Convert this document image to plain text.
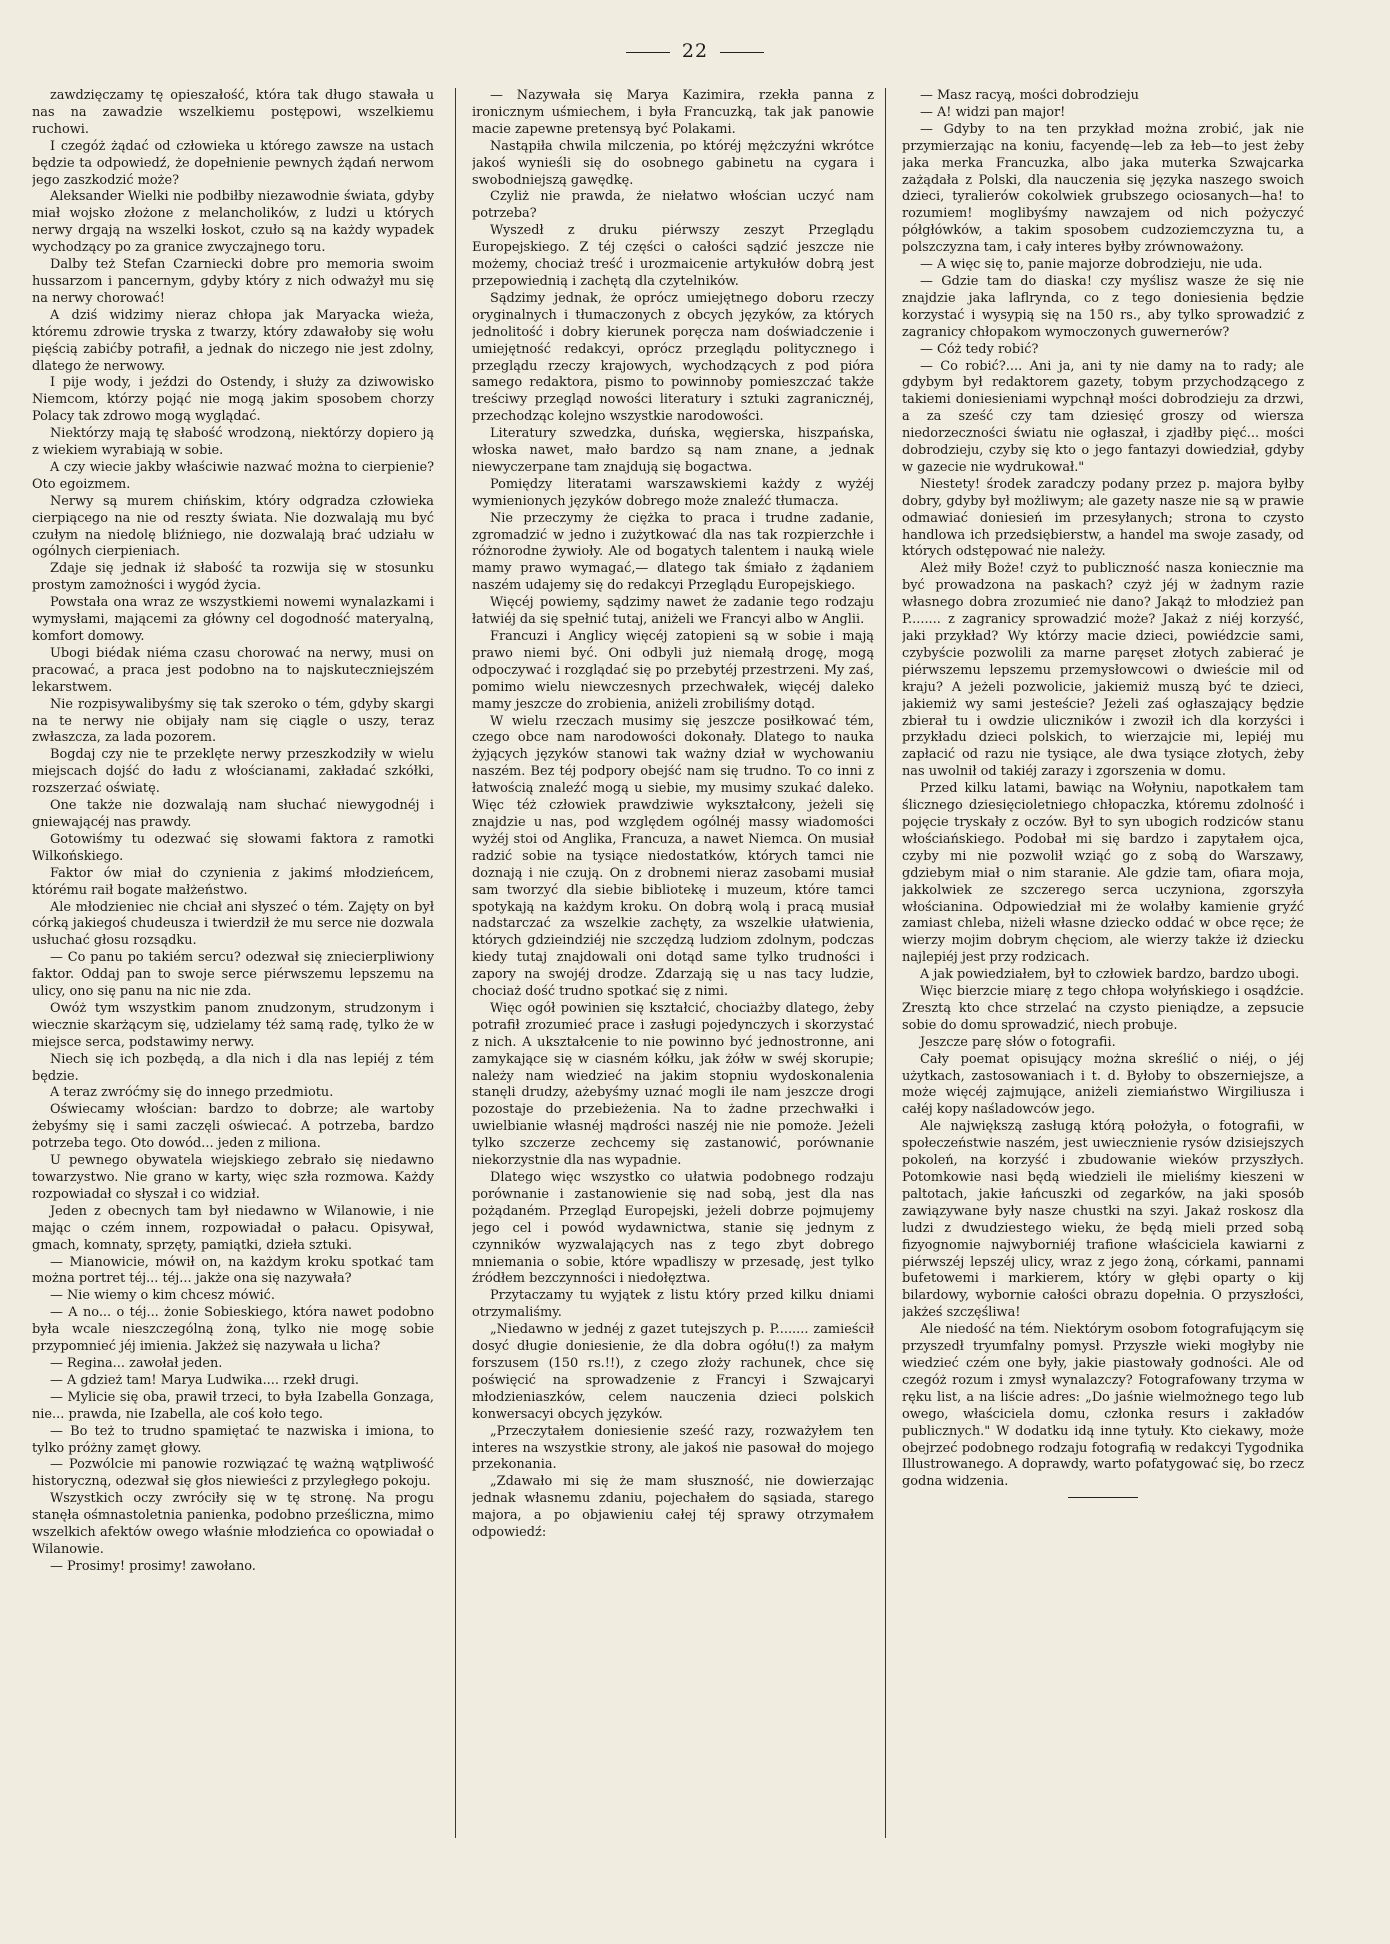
22

zawdzięczamy tę opieszałość, która tak długo stawała u nas na zawadzie wszelkiemu postępowi, wszelkiemu ruchowi.

I czegóż żądać od człowieka u którego zawsze na ustach będzie ta odpowiedź, że dopełnienie pewnych żądań nerwom jego zaszkodzić może?

Aleksander Wielki nie podbiłby niezawodnie świata, gdyby miał wojsko złożone z melancholików, z ludzi u których nerwy drgają na wszelki łoskot, czuło są na każdy wypadek wychodzący po za granice zwyczajnego toru.

Dalby też Stefan Czarniecki dobre pro memoria swoim hussarzom i pancernym, gdyby który z nich odważył mu się na nerwy chorować!

A dziś widzimy nieraz chłopa jak Maryacka wieża, któremu zdrowie tryska z twarzy, który zdawałoby się wołu pięścią zabićby potrafił, a jednak do niczego nie jest zdolny, dlatego że nerwowy.

I pije wody, i jeździ do Ostendy, i służy za dziwowisko Niemcom, którzy pojąć nie mogą jakim sposobem chorzy Polacy tak zdrowo mogą wyglądać.

Niektórzy mają tę słabość wrodzoną, niektórzy dopiero ją z wiekiem wyrabiają w sobie.

A czy wiecie jakby właściwie nazwać można to cierpienie? Oto egoizmem.

Nerwy są murem chińskim, który odgradza człowieka cierpiącego na nie od reszty świata. Nie dozwalają mu być czułym na niedolę bliźniego, nie dozwalają brać udziału w ogólnych cierpieniach.

Zdaje się jednak iż słabość ta rozwija się w stosunku prostym zamożności i wygód życia.

Powstała ona wraz ze wszystkiemi nowemi wynalazkami i wymysłami, mającemi za główny cel dogodność materyalną, komfort domowy.

Ubogi biédak niéma czasu chorować na nerwy, musi on pracować, a praca jest podobno na to najskuteczniejszém lekarstwem.

Nie rozpisywalibyśmy się tak szeroko o tém, gdyby skargi na te nerwy nie obijały nam się ciągle o uszy, teraz zwłaszcza, za lada pozorem.

Bogdaj czy nie te przeklęte nerwy przeszkodziły w wielu miejscach dojść do ładu z włościanami, zakładać szkółki, rozszerzać oświatę.

One także nie dozwalają nam słuchać niewygodnéj i gniewającéj nas prawdy.

Gotowiśmy tu odezwać się słowami faktora z ramotki Wilkońskiego.

Faktor ów miał do czynienia z jakimś młodzieńcem, którému raił bogate małżeństwo.

Ale młodzieniec nie chciał ani słyszeć o tém. Zajęty on był córką jakiegoś chudeusza i twierdził że mu serce nie dozwala usłuchać głosu rozsądku.

— Co panu po takiém sercu? odezwał się zniecierpliwiony faktor. Oddaj pan to swoje serce piérwszemu lepszemu na ulicy, ono się panu na nic nie zda.

Owóż tym wszystkim panom znudzonym, strudzonym i wiecznie skarżącym się, udzielamy téż samą radę, tylko że w miejsce serca, podstawimy nerwy.

Niech się ich pozbędą, a dla nich i dla nas lepiéj z tém będzie.

A teraz zwróćmy się do innego przedmiotu.

Oświecamy włościan: bardzo to dobrze; ale wartoby żebyśmy się i sami zaczęli oświecać. A potrzeba, bardzo potrzeba tego. Oto dowód... jeden z miliona.

U pewnego obywatela wiejskiego zebrało się niedawno towarzystwo. Nie grano w karty, więc szła rozmowa. Każdy rozpowiadał co słyszał i co widział.

Jeden z obecnych tam był niedawno w Wilanowie, i nie mając o czém innem, rozpowiadał o pałacu. Opisywał, gmach, komnaty, sprzęty, pamiątki, dzieła sztuki.

— Mianowicie, mówił on, na każdym kroku spotkać tam można portret téj... téj... jakże ona się nazywała?

— Nie wiemy o kim chcesz mówić.

— A no... o téj... żonie Sobieskiego, która nawet podobno była wcale nieszczególną żoną, tylko nie mogę sobie przypomnieć jéj imienia. Jakżeż się nazywała u licha?

— Regina... zawołał jeden.

— A gdzież tam! Marya Ludwika.... rzekł drugi.

— Mylicie się oba, prawił trzeci, to była Izabella Gonzaga, nie... prawda, nie Izabella, ale coś koło tego.

— Bo też to trudno spamiętać te nazwiska i imiona, to tylko próżny zamęt głowy.

— Pozwólcie mi panowie rozwiązać tę ważną wątpliwość historyczną, odezwał się głos niewieści z przyległego pokoju.

Wszystkich oczy zwróciły się w tę stronę. Na progu stanęła ośmnastoletnia panienka, podobno prześliczna, mimo wszelkich afektów owego właśnie młodzieńca co opowiadał o Wilanowie.

— Prosimy! prosimy! zawołano.

— Nazywała się Marya Kazimira, rzekła panna z ironicznym uśmiechem, i była Francuzką, tak jak panowie macie zapewne pretensyą być Polakami.

Nastąpiła chwila milczenia, po któréj mężczyźni wkrótce jakoś wynieśli się do osobnego gabinetu na cygara i swobodniejszą gawędkę.

Czyliż nie prawda, że niełatwo włościan uczyć nam potrzeba?

Wyszedł z druku piérwszy zeszyt Przeglądu Europejskiego. Z téj części o całości sądzić jeszcze nie możemy, chociaż treść i urozmaicenie artykułów dobrą jest przepowiednią i zachętą dla czytelników.

Sądzimy jednak, że oprócz umiejętnego doboru rzeczy oryginalnych i tłumaczonych z obcych języków, za których jednolitość i dobry kierunek poręcza nam doświadczenie i umiejętność redakcyi, oprócz przeglądu politycznego i przeglądu rzeczy krajowych, wychodzących z pod pióra samego redaktora, pismo to powinnoby pomieszczać także treściwy przegląd nowości literatury i sztuki zagranicznéj, przechodząc kolejno wszystkie narodowości.

Literatury szwedzka, duńska, węgierska, hiszpańska, włoska nawet, mało bardzo są nam znane, a jednak niewyczerpane tam znajdują się bogactwa.

Pomiędzy literatami warszawskiemi każdy z wyżéj wymienionych języków dobrego może znaleźć tłumacza.

Nie przeczymy że ciężka to praca i trudne zadanie, zgromadzić w jedno i zużytkować dla nas tak rozpierzchłe i różnorodne żywioły. Ale od bogatych talentem i nauką wiele mamy prawo wymagać,— dlatego tak śmiało z żądaniem naszém udajemy się do redakcyi Przeglądu Europejskiego.

Więcéj powiemy, sądzimy nawet że zadanie tego rodzaju łatwiéj da się spełnić tutaj, aniżeli we Francyi albo w Anglii.

Francuzi i Anglicy więcéj zatopieni są w sobie i mają prawo niemi być. Oni odbyli już niemałą drogę, mogą odpoczywać i rozglądać się po przebytéj przestrzeni. My zaś, pomimo wielu niewczesnych przechwałek, więcéj daleko mamy jeszcze do zrobienia, aniżeli zrobiliśmy dotąd.

W wielu rzeczach musimy się jeszcze posiłkować tém, czego obce nam narodowości dokonały. Dlatego to nauka żyjących języków stanowi tak ważny dział w wychowaniu naszém. Bez téj podpory obejść nam się trudno. To co inni z łatwością znaleźć mogą u siebie, my musimy szukać daleko. Więc téż człowiek prawdziwie wykształcony, jeżeli się znajdzie u nas, pod względem ogólnéj massy wiadomości wyżéj stoi od Anglika, Francuza, a nawet Niemca. On musiał radzić sobie na tysiące niedostatków, których tamci nie doznają i nie czują. On z drobnemi nieraz zasobami musiał sam tworzyć dla siebie bibliotekę i muzeum, które tamci spotykają na każdym kroku. On dobrą wolą i pracą musiał nadstarczać za wszelkie zachęty, za wszelkie ułatwienia, których gdzieindziéj nie szczędzą ludziom zdolnym, podczas kiedy tutaj znajdowali oni dotąd same tylko trudności i zapory na swojéj drodze. Zdarzają się u nas tacy ludzie, chociaż dość trudno spotkać się z nimi.

Więc ogół powinien się kształcić, chociażby dlatego, żeby potrafił zrozumieć prace i zasługi pojedynczych i skorzystać z nich. A ukształcenie to nie powinno być jednostronne, ani zamykające się w ciasném kółku, jak żółw w swéj skorupie; należy nam wiedzieć na jakim stopniu wydoskonalenia stanęli drudzy, ażebyśmy uznać mogli ile nam jeszcze drogi pozostaje do przebieżenia. Na to żadne przechwałki i uwielbianie własnéj mądrości naszéj nie nie pomoże. Jeżeli tylko szczerze zechcemy się zastanowić, porównanie niekorzystnie dla nas wypadnie.

Dlatego więc wszystko co ułatwia podobnego rodzaju porównanie i zastanowienie się nad sobą, jest dla nas pożądaném. Przegląd Europejski, jeżeli dobrze pojmujemy jego cel i powód wydawnictwa, stanie się jednym z czynników wyzwalających nas z tego zbyt dobrego mniemania o sobie, które wpadliszy w przesadę, jest tylko źródłem bezczynności i niedołęztwa.

Przytaczamy tu wyjątek z listu który przed kilku dniami otrzymaliśmy.

„Niedawno w jednéj z gazet tutejszych p. P........ zamieścił dosyć długie doniesienie, że dla dobra ogółu(!) za małym forszusem (150 rs.!!), z czego złoży rachunek, chce się poświęcić na sprowadzenie z Francyi i Szwajcaryi młodzieniaszków, celem nauczenia dzieci polskich konwersacyi obcych języków.

„Przeczytałem doniesienie sześć razy, rozważyłem ten interes na wszystkie strony, ale jakoś nie pasował do mojego przekonania.

„Zdawało mi się że mam słuszność, nie dowierzając jednak własnemu zdaniu, pojechałem do sąsiada, starego majora, a po objawieniu całej téj sprawy otrzymałem odpowiedź:

— Masz racyą, mości dobrodzieju

— A! widzi pan major!

— Gdyby to na ten przykład można zrobić, jak nie przymierzając na koniu, facyendę—leb za łeb—to jest żeby jaka merka Francuzka, albo jaka muterka Szwajcarka zażądała z Polski, dla nauczenia się języka naszego swoich dzieci, tyralierów cokolwiek grubszego ociosanych—ha! to rozumiem! moglibyśmy nawzajem od nich pożyczyć półgłówków, a takim sposobem cudzoziemczyzna tu, a polszczyzna tam, i cały interes byłby zrównoważony.

— A więc się to, panie majorze dobrodzieju, nie uda.

— Gdzie tam do diaska! czy myślisz wasze że się nie znajdzie jaka laflrynda, co z tego doniesienia będzie korzystać i wysypią się na 150 rs., aby tylko sprowadzić z zagranicy chłopakom wymoczonych guwernerów?

— Cóż tedy robić?

— Co robić?.... Ani ja, ani ty nie damy na to rady; ale gdybym był redaktorem gazety, tobym przychodzącego z takiemi doniesieniami wypchnął mości dobrodzieju za drzwi, a za sześć czy tam dziesięć groszy od wiersza niedorzeczności światu nie ogłaszał, i zjadłby pięć... mości dobrodzieju, czyby się kto o jego fantazyi dowiedział, gdyby w gazecie nie wydrukował."

Niestety! środek zaradczy podany przez p. majora byłby dobry, gdyby był możliwym; ale gazety nasze nie są w prawie odmawiać doniesień im przesyłanych; strona to czysto handlowa ich przedsiębierstw, a handel ma swoje zasady, od których odstępować nie należy.

Ależ miły Boże! czyż to publiczność nasza koniecznie ma być prowadzona na paskach? czyż jéj w żadnym razie własnego dobra zrozumieć nie dano? Jakąż to młodzież pan P........ z zagranicy sprowadzić może? Jakaż z niéj korzyść, jaki przykład? Wy którzy macie dzieci, powiédzcie sami, czybyście pozwolili za marne paręset złotych zabierać je piérwszemu lepszemu przemysłowcowi o dwieście mil od kraju? A jeżeli pozwolicie, jakiemiż muszą być te dzieci, jakiemiż wy sami jesteście? Jeżeli zaś ogłaszający będzie zbierał tu i owdzie uliczników i zwoził ich dla korzyści i przykładu dzieci polskich, to wierzajcie mi, lepiéj mu zapłacić od razu nie tysiące, ale dwa tysiące złotych, żeby nas uwolnił od takiéj zarazy i zgorszenia w domu.

Przed kilku latami, bawiąc na Wołyniu, napotkałem tam ślicznego dziesięcioletniego chłopaczka, któremu zdolność i pojęcie tryskały z oczów. Był to syn ubogich rodziców stanu włościańskiego. Podobał mi się bardzo i zapytałem ojca, czyby mi nie pozwolił wziąć go z sobą do Warszawy, gdziebym miał o nim staranie. Ale gdzie tam, ofiara moja, jakkolwiek ze szczerego serca uczyniona, zgorszyła włościanina. Odpowiedział mi że wolałby kamienie gryźć zamiast chleba, niżeli własne dziecko oddać w obce ręce; że wierzy mojim dobrym chęciom, ale wierzy także iż dziecku najlepiéj jest przy rodzicach.

A jak powiedziałem, był to człowiek bardzo, bardzo ubogi.

Więc bierzcie miarę z tego chłopa wołyńskiego i osądźcie. Zresztą kto chce strzelać na czysto pieniądze, a zepsucie sobie do domu sprowadzić, niech probuje.

Jeszcze parę słów o fotografii.

Cały poemat opisujący można skreślić o niéj, o jéj użytkach, zastosowaniach i t. d. Byłoby to obszerniejsze, a może więcéj zajmujące, aniżeli ziemiaństwo Wirgiliusza i całéj kopy naśladowców jego.

Ale największą zasługą którą położyła, o fotografii, w społeczeństwie naszém, jest uwiecznienie rysów dzisiejszych pokoleń, na korzyść i zbudowanie wieków przyszłych. Potomkowie nasi będą wiedzieli ile mieliśmy kieszeni w paltotach, jakie łańcuszki od zegarków, na jaki sposób zawiązywane były nasze chustki na szyi. Jakaż roskosz dla ludzi z dwudziestego wieku, że będą mieli przed sobą fizyognomie najwyborniéj trafione właściciela kawiarni z piérwszéj lepszéj ulicy, wraz z jego żoną, córkami, pannami bufetowemi i markierem, który w głębi oparty o kij bilardowy, wybornie całości obrazu dopełnia. O przyszłości, jakżeś szczęśliwa!

Ale niedość na tém. Niektórym osobom fotografującym się przyszedł tryumfalny pomysł. Przyszłe wieki mogłyby nie wiedzieć czém one były, jakie piastowały godności. Ale od czegóż rozum i zmysł wynalazczy? Fotografowany trzyma w ręku list, a na liście adres: „Do jaśnie wielmożnego tego lub owego, właściciela domu, członka resurs i zakładów publicznych." W dodatku idą inne tytuły. Kto ciekawy, może obejrzeć podobnego rodzaju fotografią w redakcyi Tygodnika Illustrowanego. A doprawdy, warto pofatygować się, bo rzecz godna widzenia.
